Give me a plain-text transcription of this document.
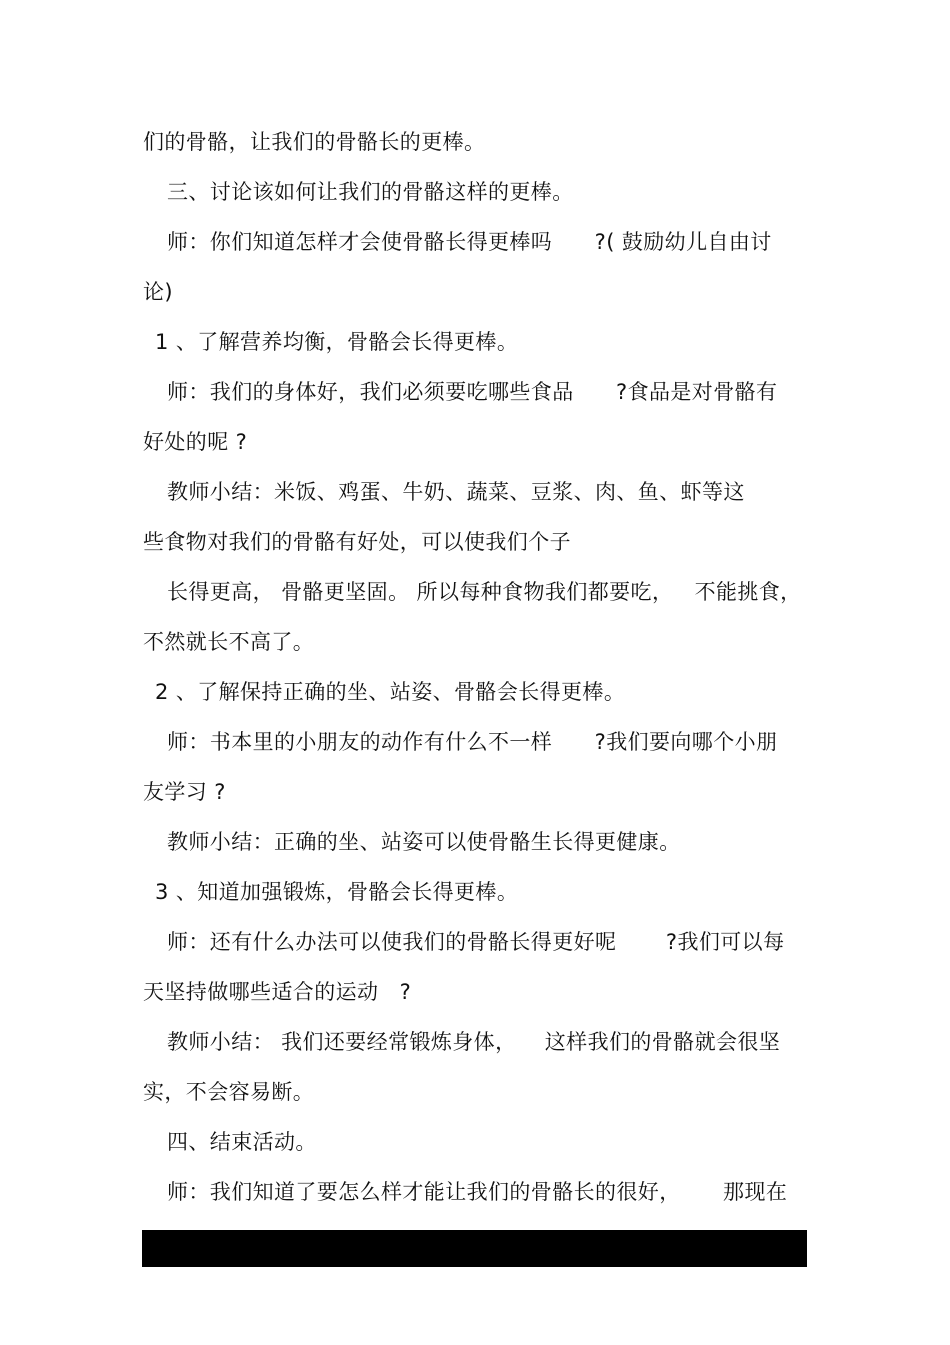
们的骨骼，让我们的骨骼长的更棒。
三、讨论该如何让我们的骨骼这样的更棒。
师：你们知道怎样才会使骨骼长得更棒吗      ?( 鼓励幼儿自由讨
论)
1 、了解营养均衡，骨骼会长得更棒。
师：我们的身体好，我们必须要吃哪些食品      ?食品是对骨骼有
好处的呢 ?
教师小结：米饭、鸡蛋、牛奶、蔬菜、豆浆、肉、鱼、虾等这
些食物对我们的骨骼有好处，可以使我们个子
长得更高， 骨骼更坚固。 所以每种食物我们都要吃，   不能挑食，
不然就长不高了。
2 、了解保持正确的坐、站姿、骨骼会长得更棒。
师：书本里的小朋友的动作有什么不一样      ?我们要向哪个小朋
友学习 ?
教师小结：正确的坐、站姿可以使骨骼生长得更健康。
3 、知道加强锻炼，骨骼会长得更棒。
师：还有什么办法可以使我们的骨骼长得更好呢       ?我们可以每
天坚持做哪些适合的运动   ?
教师小结： 我们还要经常锻炼身体，    这样我们的骨骼就会很坚
实，不会容易断。
四、结束活动。
师：我们知道了要怎么样才能让我们的骨骼长的很好，      那现在
